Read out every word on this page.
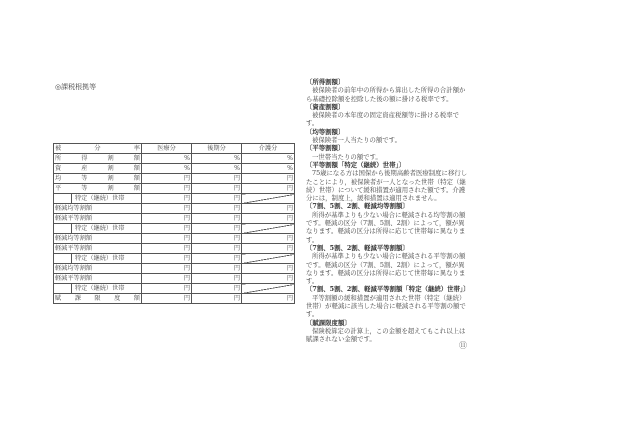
◎課税根拠等
被　　分　　率	医療分	後期分	介護分
所　得　割　額	%	%	%
資　産　割　額	%	%	%
均　等　割　額	円	円	円
平　等　割　額	円	円	円

特定（継続）世帯	円	円	
軽減均等割額	円	円	円
軽減平等割額	円	円	円

特定（継続）世帯	円	円	
軽減均等割額	円	円	円
軽減平等割額	円	円	円

特定（継続）世帯	円	円	
軽減均等割額	円	円	円
軽減平等割額	円	円	円

特定（継続）世帯	円	円	
賦　課　限　度　額	円	円	円
〔所得割額〕
被保険者の前年中の所得から算出した所得の合計額から基礎控除額を控除した後の額に掛ける税率です。
〔資産割額〕
被保険者の本年度の固定資産税額等に掛ける税率です。
〔均等割額〕
被保険者一人当たりの額です。
〔平等割額〕
一世帯当たりの額です。
〔平等割額「特定（継続）世帯」〕
75歳になる方は国保から後期高齢者医療制度に移行したことにより，被保険者が一人となった世帯（特定（継続）世帯）について緩和措置が適用された額です。介護分には，制度上，緩和措置は適用されません。
〔7割、5割、2割、軽減均等割額〕
所得が基準よりも少ない場合に軽減される均等割の額です。軽減の区分（7割、5割、2割）によって，額が異なります。軽減の区分は所得に応じて世帯毎に異なります。
〔7割、5割、2割、軽減平等割額〕
所得が基準よりも少ない場合に軽減される平等割の額です。軽減の区分（7割、5割、2割）によって，額が異なります。軽減の区分は所得に応じて世帯毎に異なります。
〔7割、5割、2割、軽減平等割額「特定（継続）世帯」〕
平等割額の緩和措置が適用された世帯（特定（継続）世帯）が軽減に該当した場合に軽減される平等割の額です。
〔賦課限度額〕
保険税算定の計算上，この金額を超えてもこれ以上は賦課されない金額です。
⑪
